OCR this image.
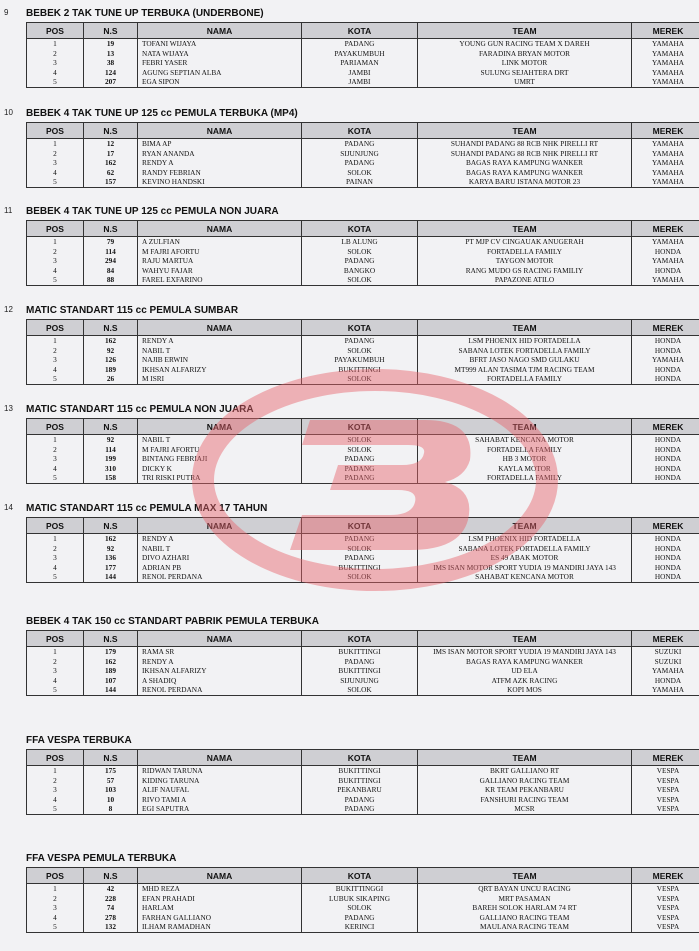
9 BEBEK 2 TAK TUNE UP TERBUKA (UNDERBONE)
POS	N.S	NAMA	KOTA	TEAM	MEREK
1	19	TOFANI WIJAYA	PADANG	YOUNG GUN RACING TEAM X DAREH	YAMAHA
2	13	NATA WIJAYA	PAYAKUMBUH	FARADINA BRYAN MOTOR	YAMAHA
3	38	FEBRI YASER	PARIAMAN	LINK MOTOR	YAMAHA
4	124	AGUNG SEPTIAN ALBA	JAMBI	SULUNG SEJAHTERA DRT	YAMAHA
5	207	EGA SIPON	JAMBI	UMRT	YAMAHA
10 BEBEK 4 TAK TUNE UP 125 cc PEMULA TERBUKA (MP4)
POS	N.S	NAMA	KOTA	TEAM	MEREK
1	12	BIMA AP	PADANG	SUHANDI PADANG 88 RCB NHK PIRELLI RT	YAMAHA
2	17	RYAN ANANDA	SIJUNJUNG	SUHANDI PADANG 88 RCB NHK PIRELLI RT	YAMAHA
3	162	RENDY A	PADANG	BAGAS RAYA KAMPUNG WANKER	YAMAHA
4	62	RANDY FEBRIAN	SOLOK	BAGAS RAYA KAMPUNG WANKER	YAMAHA
5	157	KEVINO HANDSKI	PAINAN	KARYA BARU ISTANA MOTOR 23	YAMAHA
11 BEBEK 4 TAK TUNE UP 125 cc PEMULA NON JUARA
POS	N.S	NAMA	KOTA	TEAM	MEREK
1	79	A ZULFIAN	LB ALUNG	PT MJP CV CINGAUAK ANUGERAH	YAMAHA
2	114	M FAJRI AFORTU	SOLOK	FORTADELLA FAMILY	HONDA
3	294	RAJU MARTUA	PADANG	TAYGON MOTOR	YAMAHA
4	84	WAHYU FAJAR	BANGKO	RANG MUDO GS RACING FAMILIY	HONDA
5	88	FAREL EXFARINO	SOLOK	PAPAZONE ATILO	YAMAHA
12 MATIC STANDART 115 cc PEMULA SUMBAR
POS	N.S	NAMA	KOTA	TEAM	MEREK
1	162	RENDY A	PADANG	LSM PHOENIX HID FORTADELLA	HONDA
2	92	NABIL T	SOLOK	SABANA LOTEK FORTADELLA FAMILY	HONDA
3	126	NAJIB ERWIN	PAYAKUMBUH	BFRT JASO NAGO SMD GULAKU	YAMAHA
4	189	IKHSAN ALFARIZY	BUKITTINGI	MT999 ALAN TASIMA TJM RACING TEAM	HONDA
5	26	M ISRI	SOLOK	FORTADELLA FAMILY	HONDA
13 MATIC STANDART 115 cc PEMULA NON JUARA
POS	N.S	NAMA	KOTA	TEAM	MEREK
1	92	NABIL T	SOLOK	SAHABAT KENCANA MOTOR	HONDA
2	114	M FAJRI AFORTU	SOLOK	FORTADELLA FAMILY	HONDA
3	199	BINTANG FEBRIAJI	PADANG	HB 3 MOTOR	HONDA
4	310	DICKY K	PADANG	KAYLA MOTOR	HONDA
5	158	TRI RISKI PUTRA	PADANG	FORTADELLA FAMILY	HONDA
14 MATIC STANDART 115 cc PEMULA MAX 17 TAHUN
POS	N.S	NAMA	KOTA	TEAM	MEREK
1	162	RENDY A	PADANG	LSM PHOENIX HID FORTADELLA	HONDA
2	92	NABIL T	SOLOK	SABANA LOTEK FORTADELLA FAMILY	HONDA
3	136	DIVO AZHARI	PADANG	ES 49 ABAK MOTOR	HONDA
4	177	ADRIAN PB	BUKITTINGI	IMS ISAN MOTOR SPORT YUDIA 19 MANDIRI JAYA 143	HONDA
5	144	RENOL PERDANA	SOLOK	SAHABAT KENCANA MOTOR	HONDA
BEBEK 4 TAK 150 cc STANDART PABRIK PEMULA TERBUKA
POS	N.S	NAMA	KOTA	TEAM	MEREK
1	179	RAMA SR	BUKITTINGI	IMS ISAN MOTOR SPORT YUDIA 19 MANDIRI JAYA 143	SUZUKI
2	162	RENDY A	PADANG	BAGAS RAYA KAMPUNG WANKER	SUZUKI
3	189	IKHSAN ALFARIZY	BUKITTINGI	UD ELA	YAMAHA
4	107	A SHADIQ	SIJUNJUNG	ATFM AZK RACING	HONDA
5	144	RENOL PERDANA	SOLOK	KOPI MOS	YAMAHA
FFA VESPA TERBUKA
POS	N.S	NAMA	KOTA	TEAM	MEREK
1	175	RIDWAN TARUNA	BUKITTINGI	BKRT GALLIANO RT	VESPA
2	57	KIDING TARUNA	BUKITTINGI	GALLIANO RACING TEAM	VESPA
3	103	ALIF NAUFAL	PEKANBARU	KR TEAM PEKANBARU	VESPA
4	10	RIVO TAMI A	PADANG	FANSHURI RACING TEAM	VESPA
5	8	EGI SAPUTRA	PADANG	MCSR	VESPA
FFA VESPA PEMULA TERBUKA
POS	N.S	NAMA	KOTA	TEAM	MEREK
1	42	MHD REZA	BUKITTINGGI	QRT BAYAN UNCU RACING	VESPA
2	228	EFAN PRAHADI	LUBUK SIKAPING	MRT PASAMAN	VESPA
3	74	HARLAM	SOLOK	BAREH SOLOK HARLAM 74 RT	VESPA
4	278	FARHAN GALLIANO	PADANG	GALLIANO RACING TEAM	VESPA
5	132	ILHAM RAMADHAN	KERINCI	MAULANA RACING TEAM	VESPA
